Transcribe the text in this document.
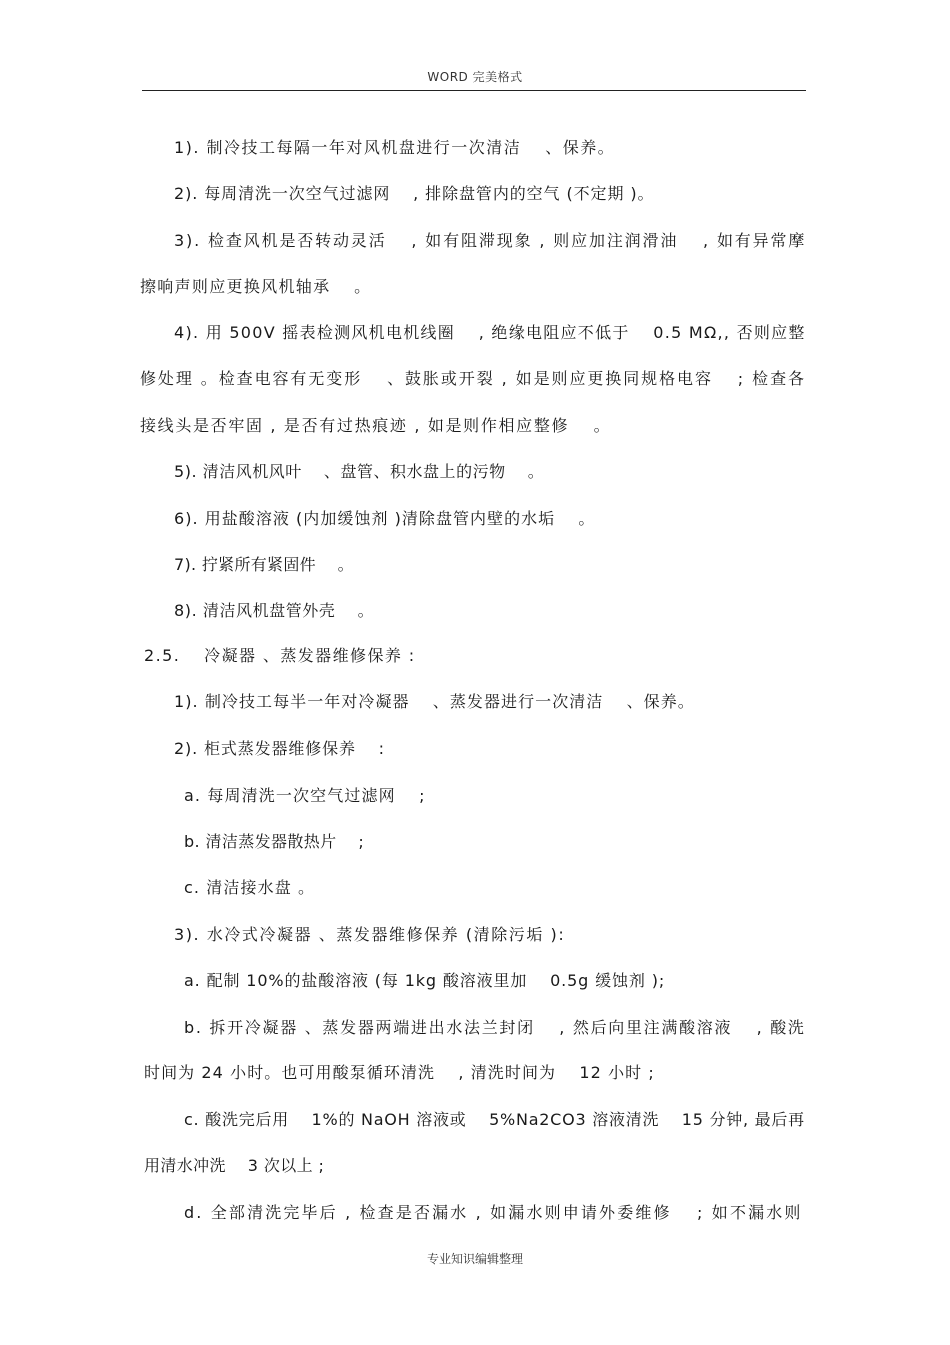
WORD 完美格式
1). 制冷技工每隔一年对风机盘进行一次清洁 　、保养。
2). 每周清洗一次空气过滤网 　, 排除盘管内的空气 (不定期 )。
3). 检查风机是否转动灵活 　, 如有阻滞现象 , 则应加注润滑油 　, 如有异常摩
擦响声则应更换风机轴承 　。
4). 用 500V 摇表检测风机电机线圈 　, 绝缘电阻应不低于 　0.5 MΩ,, 否则应整
修处理 。检查电容有无变形 　、鼓胀或开裂 , 如是则应更换同规格电容 　; 检查各
接线头是否牢固 , 是否有过热痕迹 , 如是则作相应整修 　。
5). 清洁风机风叶 　、盘管、积水盘上的污物 　。
6). 用盐酸溶液 (内加缓蚀剂 )清除盘管内壁的水垢 　。
7). 拧紧所有紧固件 　。
8). 清洁风机盘管外壳 　。
2.5. 　冷凝器 、蒸发器维修保养 :
1). 制冷技工每半一年对冷凝器 　、蒸发器进行一次清洁 　、保养。
2). 柜式蒸发器维修保养 　:
a. 每周清洗一次空气过滤网 　;
b. 清洁蒸发器散热片 　;
c. 清洁接水盘 。
3). 水冷式冷凝器 、蒸发器维修保养 (清除污垢 ):
a. 配制 10%的盐酸溶液 (每 1kg 酸溶液里加 　0.5g 缓蚀剂 );
b. 拆开冷凝器 、蒸发器两端进出水法兰封闭 　, 然后向里注满酸溶液 　, 酸洗
时间为 24 小时。也可用酸泵循环清洗 　, 清洗时间为 　12 小时 ;
c. 酸洗完后用 　1%的 NaOH 溶液或 　5%Na2CO3 溶液清洗 　15 分钟, 最后再
用清水冲洗 　3 次以上 ;
d. 全部清洗完毕后 , 检查是否漏水 , 如漏水则申请外委维修 　; 如不漏水则
专业知识编辑整理
